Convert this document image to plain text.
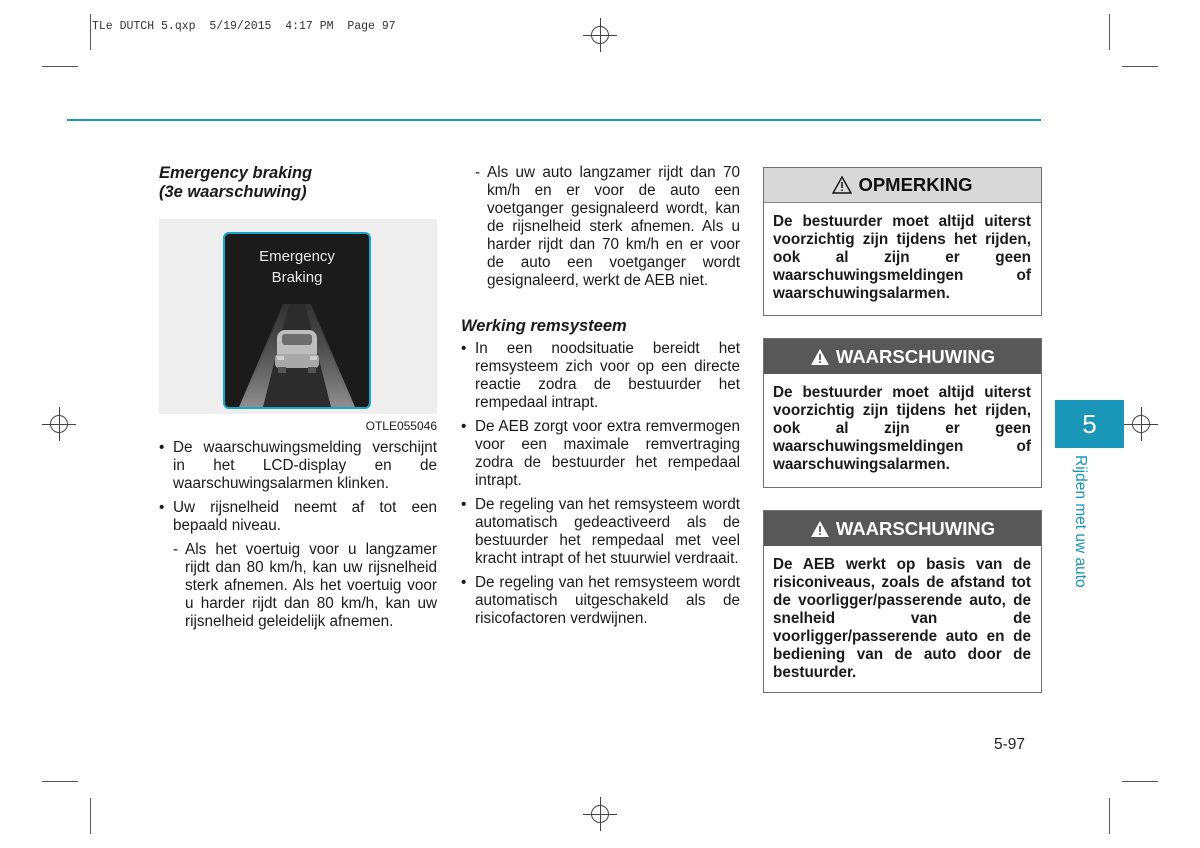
TLe DUTCH 5.qxp  5/19/2015  4:17 PM  Page 97
Emergency braking
(3e waarschuwing)
Emergency
Braking
OTLE055046
• De waarschuwingsmelding verschijnt in het LCD-display en de waarschuwingsalarmen klinken.
• Uw rijsnelheid neemt af tot een bepaald niveau.
- Als het voertuig voor u langzamer rijdt dan 80 km/h, kan uw rijsnelheid sterk afnemen. Als het voertuig voor u harder rijdt dan 80 km/h, kan uw rijsnelheid geleidelijk afnemen.
- Als uw auto langzamer rijdt dan 70 km/h en er voor de auto een voetganger gesignaleerd wordt, kan de rijsnelheid sterk afnemen. Als u harder rijdt dan 70 km/h en er voor de auto een voetganger wordt gesignaleerd, werkt de AEB niet.
Werking remsysteem
• In een noodsituatie bereidt het remsysteem zich voor op een directe reactie zodra de bestuurder het rempedaal intrapt.
• De AEB zorgt voor extra remvermogen voor een maximale remvertraging zodra de bestuurder het rempedaal intrapt.
• De regeling van het remsysteem wordt automatisch gedeactiveerd als de bestuurder het rempedaal met veel kracht intrapt of het stuurwiel verdraait.
• De regeling van het remsysteem wordt automatisch uitgeschakeld als de risicofactoren verdwijnen.
OPMERKING
De bestuurder moet altijd uiterst voorzichtig zijn tijdens het rijden, ook al zijn er geen waarschuwingsmeldingen of waarschuwingsalarmen.
WAARSCHUWING
De bestuurder moet altijd uiterst voorzichtig zijn tijdens het rijden, ook al zijn er geen waarschuwingsmeldingen of waarschuwingsalarmen.
WAARSCHUWING
De AEB werkt op basis van de risiconiveaus, zoals de afstand tot de voorligger/passerende auto, de snelheid van de voorligger/passerende auto en de bediening van de auto door de bestuurder.
5
Rijden met uw auto
5-97
